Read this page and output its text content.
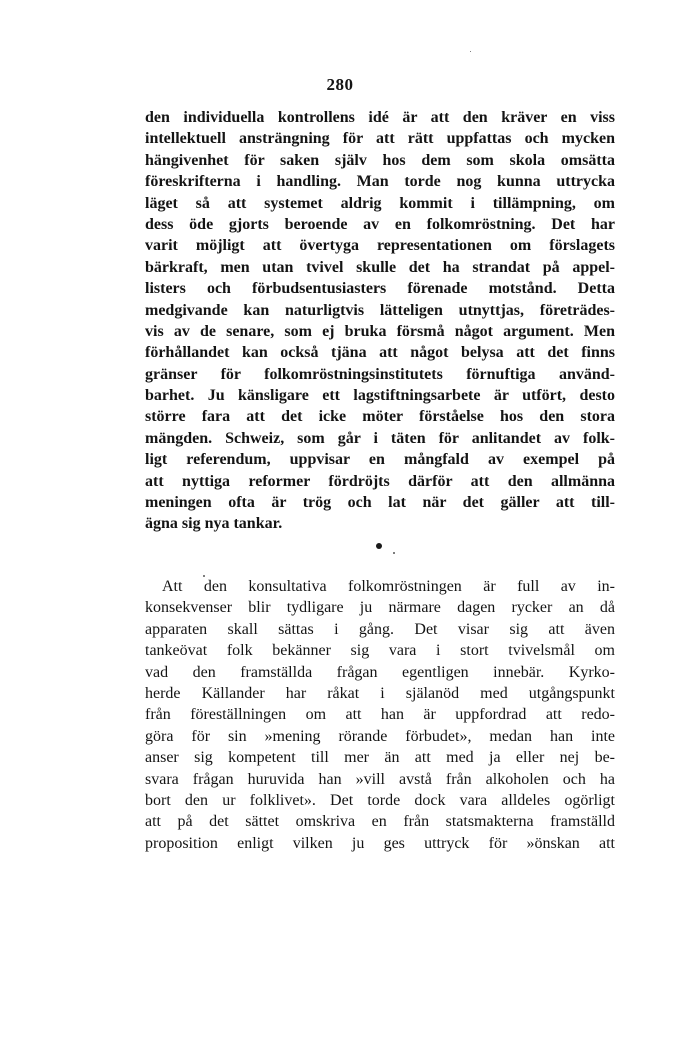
280
den individuella kontrollens idé är att den kräver en viss
intellektuell ansträngning för att rätt uppfattas och mycken
hängivenhet för saken själv hos dem som skola omsätta
föreskrifterna i handling. Man torde nog kunna uttrycka
läget så att systemet aldrig kommit i tillämpning, om
dess öde gjorts beroende av en folkomröstning. Det har
varit möjligt att övertyga representationen om förslagets
bärkraft, men utan tvivel skulle det ha strandat på appel-
listers och förbudsentusiasters förenade motstånd. Detta
medgivande kan naturligtvis lätteligen utnyttjas, företrädes-
vis av de senare, som ej bruka försmå något argument. Men
förhållandet kan också tjäna att något belysa att det finns
gränser för folkomröstningsinstitutets förnuftiga använd-
barhet. Ju känsligare ett lagstiftningsarbete är utfört, desto
större fara att det icke möter förståelse hos den stora
mängden. Schweiz, som går i täten för anlitandet av folk-
ligt referendum, uppvisar en mångfald av exempel på
att nyttiga reformer fördröjts därför att den allmänna
meningen ofta är trög och lat när det gäller att till-
ägna sig nya tankar.
Att den konsultativa folkomröstningen är full av in-
konsekvenser blir tydligare ju närmare dagen rycker an då
apparaten skall sättas i gång. Det visar sig att även
tankeövat folk bekänner sig vara i stort tvivelsmål om
vad den framställda frågan egentligen innebär. Kyrko-
herde Källander har råkat i själanöd med utgångspunkt
från föreställningen om att han är uppfordrad att redo-
göra för sin »mening rörande förbudet», medan han inte
anser sig kompetent till mer än att med ja eller nej be-
svara frågan huruvida han »vill avstå från alkoholen och ha
bort den ur folklivet». Det torde dock vara alldeles ogörligt
att på det sättet omskriva en från statsmakterna framställd
proposition enligt vilken ju ges uttryck för »önskan att
